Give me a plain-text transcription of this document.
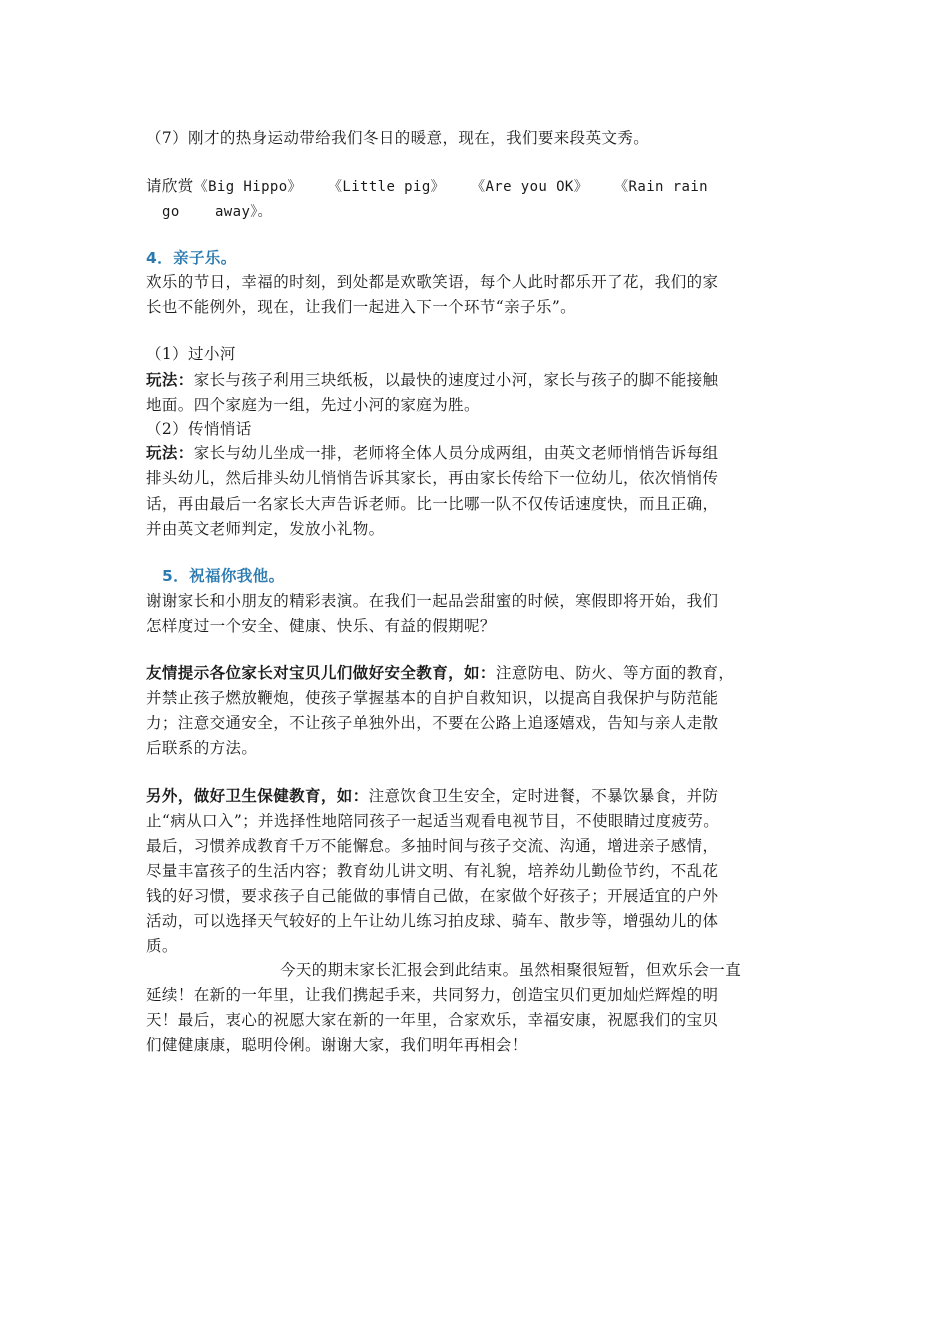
（7）刚才的热身运动带给我们冬日的暖意，现在，我们要来段英文秀。
请欣赏《Big Hippo》 《Little pig》 《Are you OK》 《Rain rain
go    away》。
4．亲子乐。
欢乐的节日，幸福的时刻，到处都是欢歌笑语，每个人此时都乐开了花，我们的家
长也不能例外，现在，让我们一起进入下一个环节“亲子乐”。
（1）过小河
玩法：家长与孩子利用三块纸板，以最快的速度过小河，家长与孩子的脚不能接触
地面。四个家庭为一组，先过小河的家庭为胜。
（2）传悄悄话
玩法：家长与幼儿坐成一排，老师将全体人员分成两组，由英文老师悄悄告诉每组
排头幼儿，然后排头幼儿悄悄告诉其家长，再由家长传给下一位幼儿，依次悄悄传
话，再由最后一名家长大声告诉老师。比一比哪一队不仅传话速度快，而且正确，
并由英文老师判定，发放小礼物。
5．祝福你我他。
谢谢家长和小朋友的精彩表演。在我们一起品尝甜蜜的时候，寒假即将开始，我们
怎样度过一个安全、健康、快乐、有益的假期呢？
友情提示各位家长对宝贝儿们做好安全教育，如：注意防电、防火、等方面的教育，
并禁止孩子燃放鞭炮，使孩子掌握基本的自护自救知识，以提高自我保护与防范能
力；注意交通安全，不让孩子单独外出，不要在公路上追逐嬉戏，告知与亲人走散
后联系的方法。
另外，做好卫生保健教育，如：注意饮食卫生安全，定时进餐，不暴饮暴食，并防
止“病从口入”；并选择性地陪同孩子一起适当观看电视节目，不使眼睛过度疲劳。
最后，习惯养成教育千万不能懈怠。多抽时间与孩子交流、沟通，增进亲子感情，
尽量丰富孩子的生活内容；教育幼儿讲文明、有礼貌，培养幼儿勤俭节约，不乱花
钱的好习惯，要求孩子自己能做的事情自己做，在家做个好孩子；开展适宜的户外
活动，可以选择天气较好的上午让幼儿练习拍皮球、骑车、散步等，增强幼儿的体
质。
今天的期末家长汇报会到此结束。虽然相聚很短暂，但欢乐会一直
延续！在新的一年里，让我们携起手来，共同努力，创造宝贝们更加灿烂辉煌的明
天！最后，衷心的祝愿大家在新的一年里，合家欢乐，幸福安康，祝愿我们的宝贝
们健健康康，聪明伶俐。谢谢大家，我们明年再相会！
